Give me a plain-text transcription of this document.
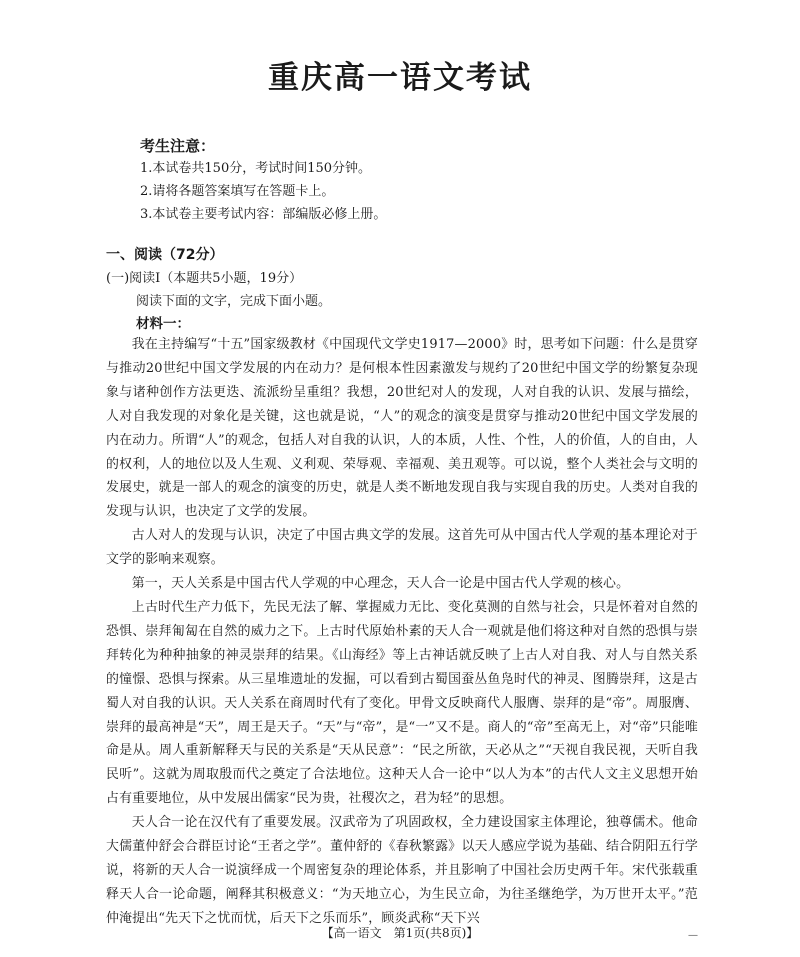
重庆高一语文考试
考生注意：
1.本试卷共150分，考试时间150分钟。
2.请将各题答案填写在答题卡上。
3.本试卷主要考试内容：部编版必修上册。
一、阅读（72分）
(一)阅读Ⅰ（本题共5小题，19分）
阅读下面的文字，完成下面小题。
材料一：

我在主持编写“十五”国家级教材《中国现代文学史1917—2000》时，思考如下问题：什么是贯穿与推动20世纪中国文学发展的内在动力？是何根本性因素激发与规约了20世纪中国文学的纷繁复杂现象与诸种创作方法更迭、流派纷呈重组？我想，20世纪对人的发现，人对自我的认识、发展与描绘，人对自我发现的对象化是关键，这也就是说，“人”的观念的演变是贯穿与推动20世纪中国文学发展的内在动力。所谓“人”的观念，包括人对自我的认识，人的本质，人性、个性，人的价值，人的自由，人的权利，人的地位以及人生观、义利观、荣辱观、幸福观、美丑观等。可以说，整个人类社会与文明的发展史，就是一部人的观念的演变的历史，就是人类不断地发现自我与实现自我的历史。人类对自我的发现与认识，也决定了文学的发展。

古人对人的发现与认识，决定了中国古典文学的发展。这首先可从中国古代人学观的基本理论对于文学的影响来观察。

第一，天人关系是中国古代人学观的中心理念，天人合一论是中国古代人学观的核心。

上古时代生产力低下，先民无法了解、掌握威力无比、变化莫测的自然与社会，只是怀着对自然的恐惧、崇拜匍匐在自然的威力之下。上古时代原始朴素的天人合一观就是他们将这种对自然的恐惧与崇拜转化为种种抽象的神灵崇拜的结果。《山海经》等上古神话就反映了上古人对自我、对人与自然关系的憧憬、恐惧与探索。从三星堆遗址的发掘，可以看到古蜀国蚕丛鱼凫时代的神灵、图腾崇拜，这是古蜀人对自我的认识。天人关系在商周时代有了变化。甲骨文反映商代人服膺、崇拜的是“帝”。周服膺、崇拜的最高神是“天”，周王是天子。“天”与“帝”，是“一”又不是。商人的“帝”至高无上，对“帝”只能唯命是从。周人重新解释天与民的关系是“天从民意”：“民之所欲，天必从之”“天视自我民视，天听自我民听”。这就为周取殷而代之奠定了合法地位。这种天人合一论中“以人为本”的古代人文主义思想开始占有重要地位，从中发展出儒家“民为贵，社稷次之，君为轻”的思想。

天人合一论在汉代有了重要发展。汉武帝为了巩固政权，全力建设国家主体理论，独尊儒术。他命大儒董仲舒会合群臣讨论“王者之学”。董仲舒的《春秋繁露》以天人感应学说为基础、结合阴阳五行学说，将新的天人合一说演绎成一个周密复杂的理论体系，并且影响了中国社会历史两千年。宋代张载重释天人合一论命题，阐释其积极意义：“为天地立心，为生民立命，为往圣继绝学，为万世开太平。”范仲淹提出“先天下之忧而忧，后天下之乐而乐”，顾炎武称“天下兴

【高一语文　第1页(共8页)】	—
